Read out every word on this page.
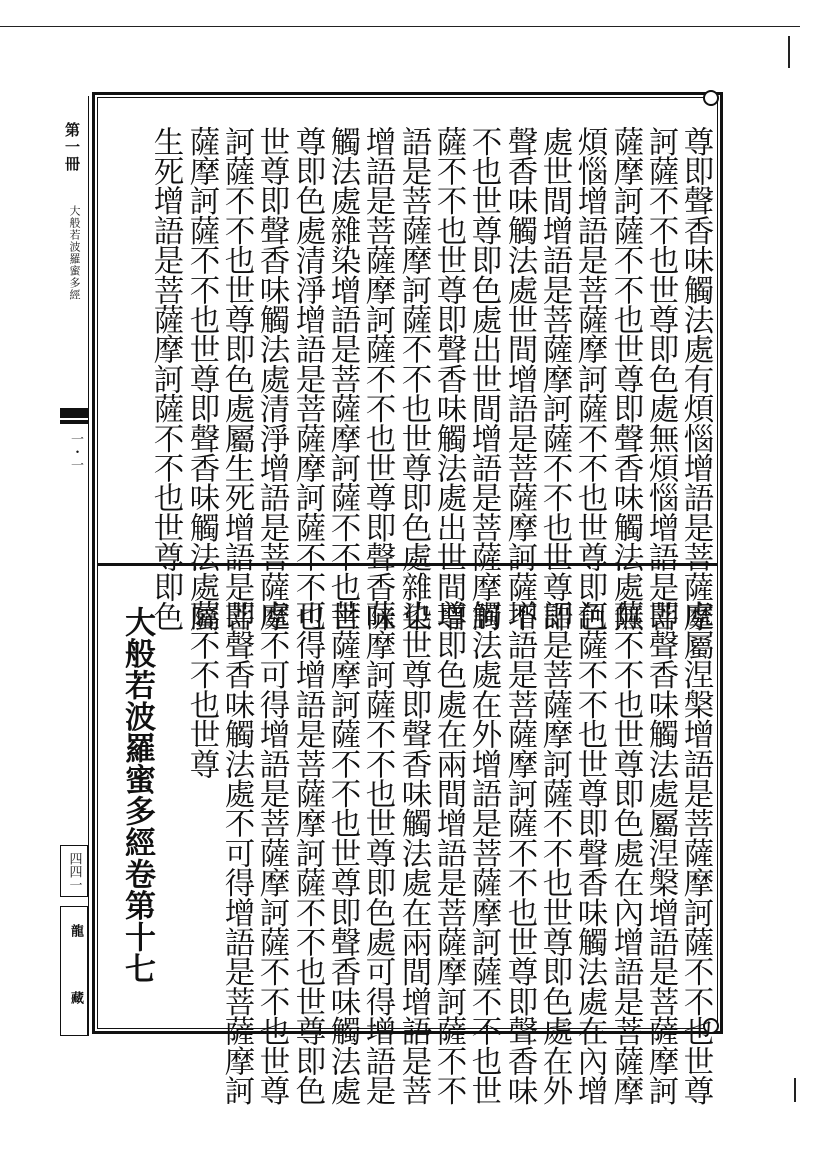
第一冊
大般若波羅蜜多經
一・一
四四一
龍藏
尊即聲香味觸法處有煩惱增語是菩薩摩
訶薩不不也世尊即色處無煩惱增語是菩
薩摩訶薩不不也世尊即聲香味觸法處無
煩惱增語是菩薩摩訶薩不不也世尊即色
處世間增語是菩薩摩訶薩不不也世尊即
聲香味觸法處世間增語是菩薩摩訶薩不
不也世尊即色處出世間增語是菩薩摩訶
薩不不也世尊即聲香味觸法處出世間增
語是菩薩摩訶薩不不也世尊即色處雜染
增語是菩薩摩訶薩不不也世尊即聲香味
觸法處雜染增語是菩薩摩訶薩不不也世
尊即色處清淨增語是菩薩摩訶薩不不也
世尊即聲香味觸法處清淨增語是菩薩摩
訶薩不不也世尊即色處屬生死增語是菩
薩摩訶薩不不也世尊即聲香味觸法處屬
生死增語是菩薩摩訶薩不不也世尊即色
處屬涅槃增語是菩薩摩訶薩不不也世尊
即聲香味觸法處屬涅槃增語是菩薩摩訶
薩不不也世尊即色處在內增語是菩薩摩
訶薩不不也世尊即聲香味觸法處在內增
語是菩薩摩訶薩不不也世尊即色處在外
增語是菩薩摩訶薩不不也世尊即聲香味
觸法處在外增語是菩薩摩訶薩不不也世
尊即色處在兩間增語是菩薩摩訶薩不不
也世尊即聲香味觸法處在兩間增語是菩
薩摩訶薩不不也世尊即色處可得增語是
菩薩摩訶薩不不也世尊即聲香味觸法處
可得增語是菩薩摩訶薩不不也世尊即色
處不可得增語是菩薩摩訶薩不不也世尊
即聲香味觸法處不可得增語是菩薩摩訶
薩不不也世尊
大般若波羅蜜多經卷第十七
